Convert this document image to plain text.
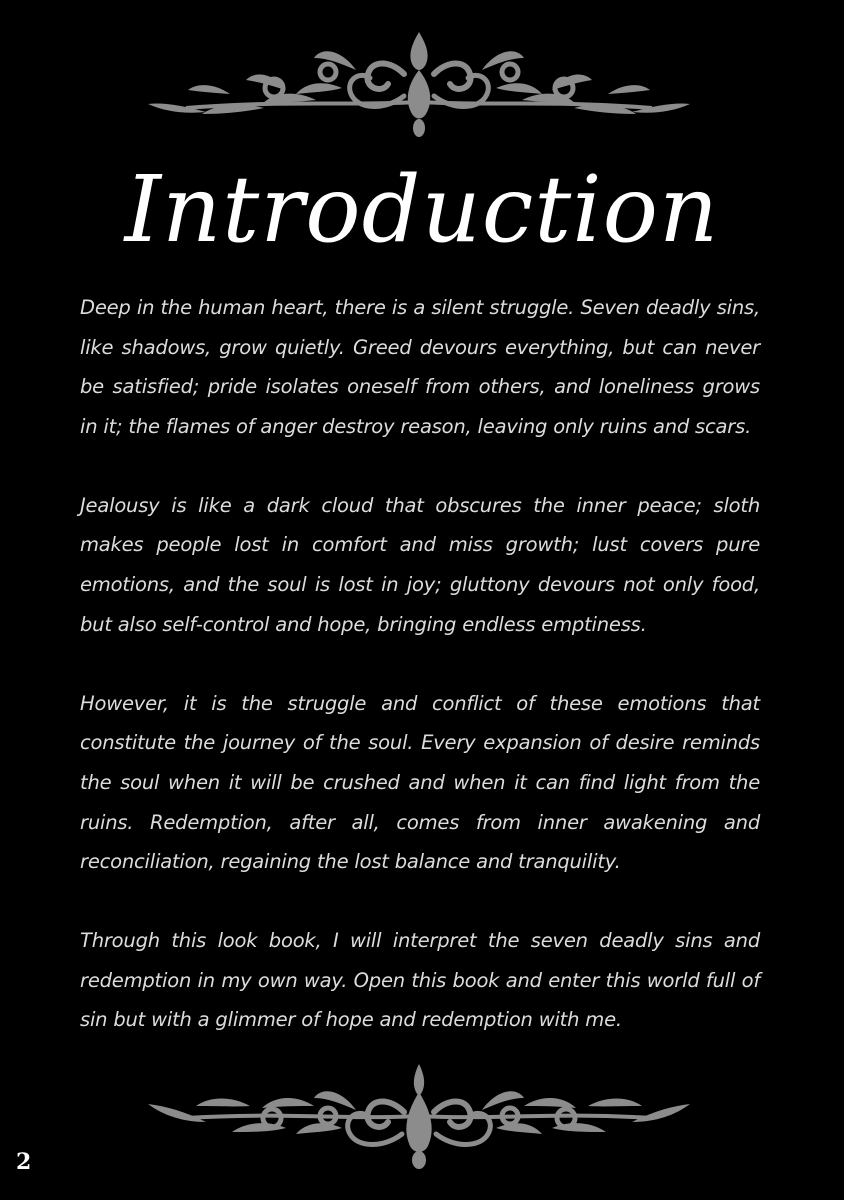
Introduction

Deep in the human heart, there is a silent struggle. Seven deadly sins, like shadows, grow quietly. Greed devours everything, but can never be satisfied; pride isolates oneself from others, and loneliness grows in it; the flames of anger destroy reason, leaving only ruins and scars.

Jealousy is like a dark cloud that obscures the inner peace; sloth makes people lost in comfort and miss growth; lust covers pure emotions, and the soul is lost in joy; gluttony devours not only food, but also self-control and hope, bringing endless emptiness.

However, it is the struggle and conflict of these emotions that constitute the journey of the soul. Every expansion of desire reminds the soul when it will be crushed and when it can find light from the ruins. Redemption, after all, comes from inner awakening and reconciliation, regaining the lost balance and tranquility.

Through this look book, I will interpret the seven deadly sins and redemption in my own way. Open this book and enter this world full of sin but with a glimmer of hope and redemption with me.

2
